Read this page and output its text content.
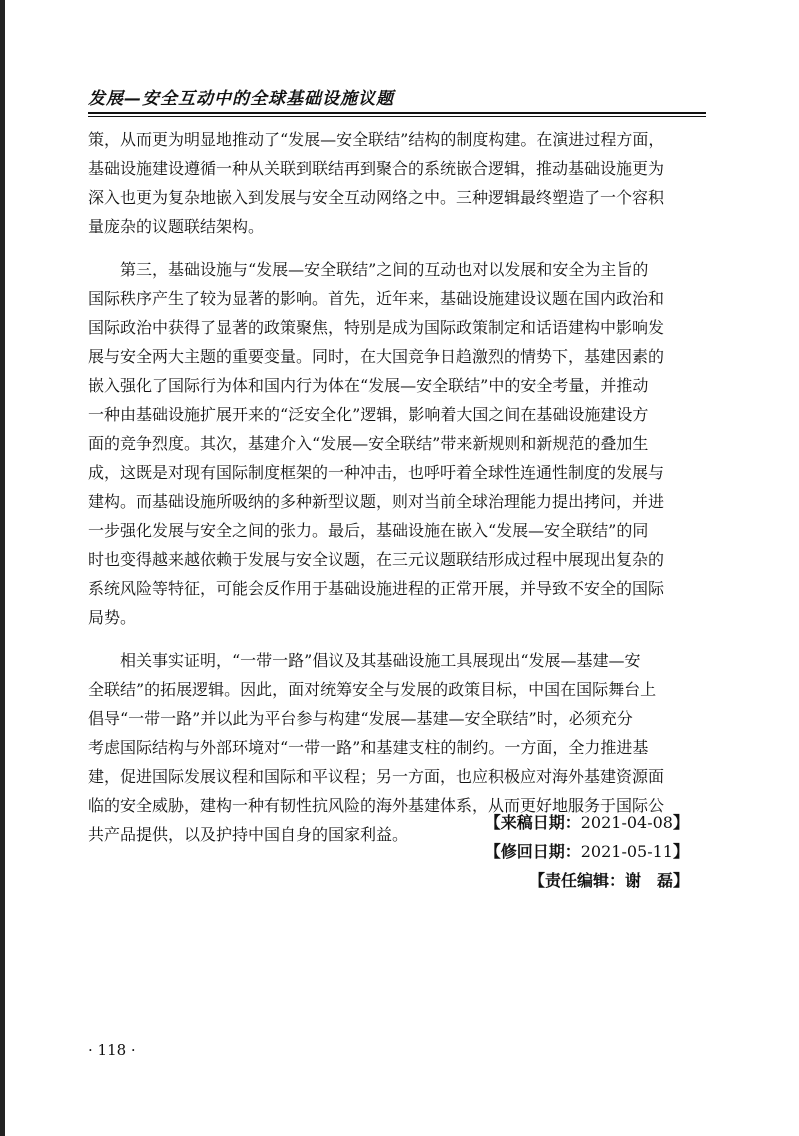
发展—安全互动中的全球基础设施议题
策，从而更为明显地推动了“发展—安全联结”结构的制度构建。在演进过程方面，
基础设施建设遵循一种从关联到联结再到聚合的系统嵌合逻辑，推动基础设施更为
深入也更为复杂地嵌入到发展与安全互动网络之中。三种逻辑最终塑造了一个容积
量庞杂的议题联结架构。
第三，基础设施与“发展—安全联结”之间的互动也对以发展和安全为主旨的
国际秩序产生了较为显著的影响。首先，近年来，基础设施建设议题在国内政治和
国际政治中获得了显著的政策聚焦，特别是成为国际政策制定和话语建构中影响发
展与安全两大主题的重要变量。同时，在大国竞争日趋激烈的情势下，基建因素的
嵌入强化了国际行为体和国内行为体在“发展—安全联结”中的安全考量，并推动
一种由基础设施扩展开来的“泛安全化”逻辑，影响着大国之间在基础设施建设方
面的竞争烈度。其次，基建介入“发展—安全联结”带来新规则和新规范的叠加生
成，这既是对现有国际制度框架的一种冲击，也呼吁着全球性连通性制度的发展与
建构。而基础设施所吸纳的多种新型议题，则对当前全球治理能力提出拷问，并进
一步强化发展与安全之间的张力。最后，基础设施在嵌入“发展—安全联结”的同
时也变得越来越依赖于发展与安全议题，在三元议题联结形成过程中展现出复杂的
系统风险等特征，可能会反作用于基础设施进程的正常开展，并导致不安全的国际
局势。
相关事实证明，“一带一路”倡议及其基础设施工具展现出“发展—基建—安
全联结”的拓展逻辑。因此，面对统筹安全与发展的政策目标，中国在国际舞台上
倡导“一带一路”并以此为平台参与构建“发展—基建—安全联结”时，必须充分
考虑国际结构与外部环境对“一带一路”和基建支柱的制约。一方面，全力推进基
建，促进国际发展议程和国际和平议程；另一方面，也应积极应对海外基建资源面
临的安全威胁，建构一种有韧性抗风险的海外基建体系，从而更好地服务于国际公
共产品提供，以及护持中国自身的国家利益。
【来稿日期：2021-04-08】
【修回日期：2021-05-11】
【责任编辑：谢　磊】
· 118 ·
